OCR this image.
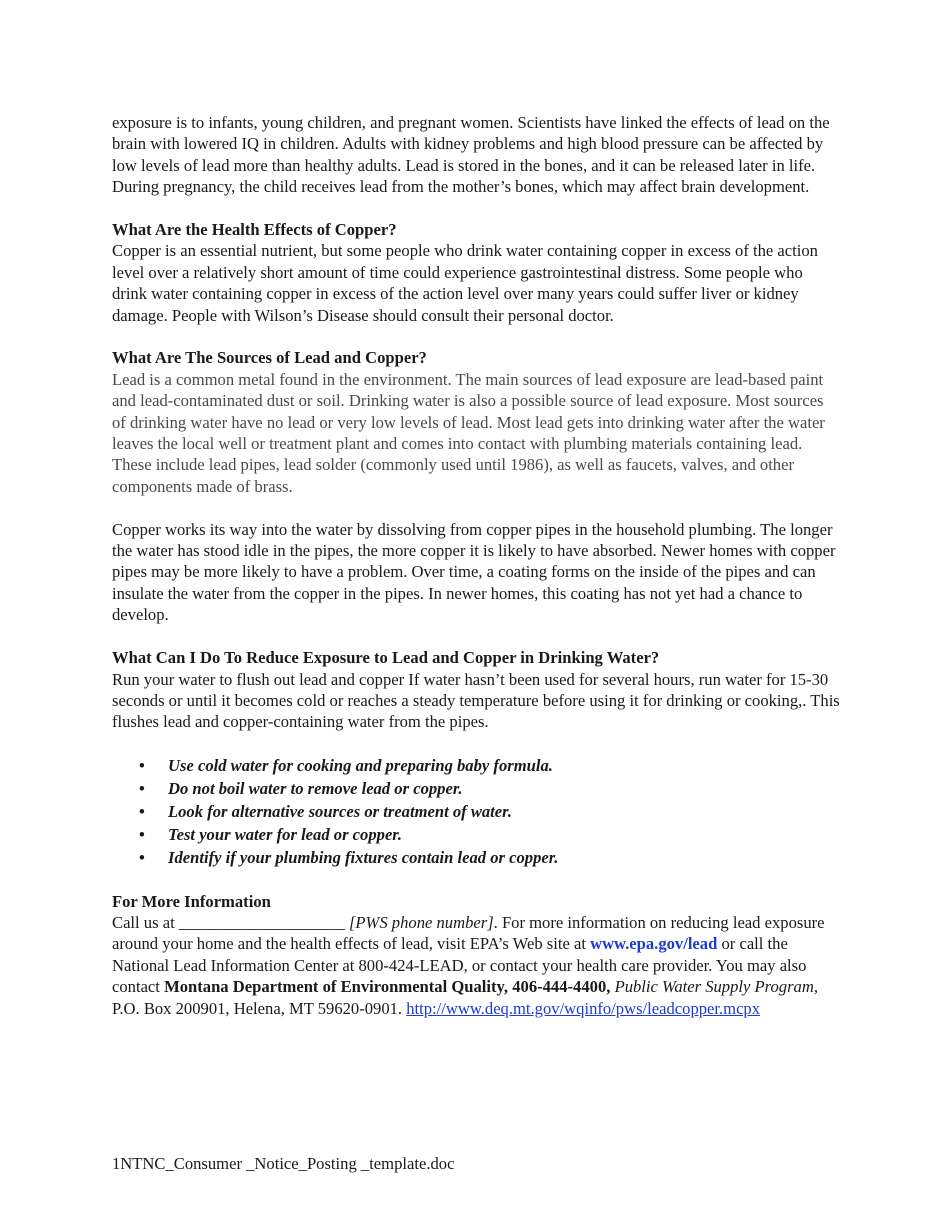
exposure is to infants, young children, and pregnant women. Scientists have linked the effects of lead on the brain with lowered IQ in children. Adults with kidney problems and high blood pressure can be affected by low levels of lead more than healthy adults. Lead is stored in the bones, and it can be released later in life. During pregnancy, the child receives lead from the mother’s bones, which may affect brain development.

What Are the Health Effects of Copper?

Copper is an essential nutrient, but some people who drink water containing copper in excess of the action level over a relatively short amount of time could experience gastrointestinal distress. Some people who drink water containing copper in excess of the action level over many years could suffer liver or kidney damage. People with Wilson’s Disease should consult their personal doctor.

What Are The Sources of Lead and Copper?

Lead is a common metal found in the environment. The main sources of lead exposure are lead-based paint and lead-contaminated dust or soil. Drinking water is also a possible source of lead exposure. Most sources of drinking water have no lead or very low levels of lead. Most lead gets into drinking water after the water leaves the local well or treatment plant and comes into contact with plumbing materials containing lead. These include lead pipes, lead solder (commonly used until 1986), as well as faucets, valves, and other components made of brass.

Copper works its way into the water by dissolving from copper pipes in the household plumbing. The longer the water has stood idle in the pipes, the more copper it is likely to have absorbed. Newer homes with copper pipes may be more likely to have a problem. Over time, a coating forms on the inside of the pipes and can insulate the water from the copper in the pipes. In newer homes, this coating has not yet had a chance to develop.

What Can I Do To Reduce Exposure to Lead and Copper in Drinking Water?

Run your water to flush out lead and copper If water hasn’t been used for several hours, run water for 15-30 seconds or until it becomes cold or reaches a steady temperature before using it for drinking or cooking,. This flushes lead and copper-containing water from the pipes.

• Use cold water for cooking and preparing baby formula.
• Do not boil water to remove lead or copper.
• Look for alternative sources or treatment of water.
• Test your water for lead or copper.
• Identify if your plumbing fixtures contain lead or copper.

For More Information

Call us at ____________________ [PWS phone number]. For more information on reducing lead exposure around your home and the health effects of lead, visit EPA’s Web site at www.epa.gov/lead or call the National Lead Information Center at 800-424-LEAD, or contact your health care provider. You may also contact Montana Department of Environmental Quality, 406-444-4400, Public Water Supply Program, P.O. Box 200901, Helena, MT 59620-0901. http://www.deq.mt.gov/wqinfo/pws/leadcopper.mcpx

1NTNC_Consumer _Notice_Posting _template.doc
